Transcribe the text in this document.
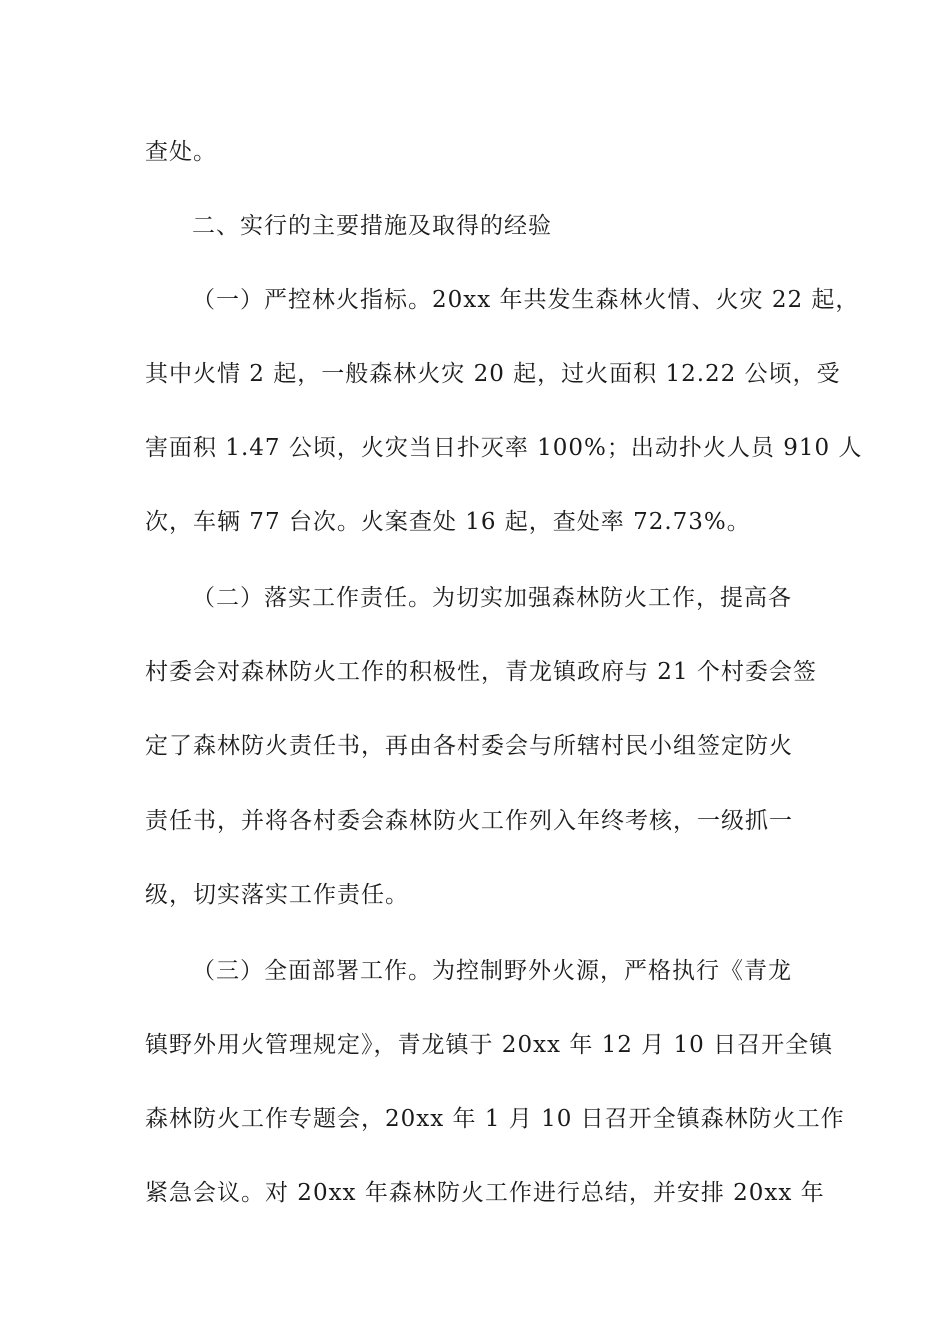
查处。
二、实行的主要措施及取得的经验
（一）严控林火指标。20xx 年共发生森林火情、火灾 22 起，
其中火情 2 起，一般森林火灾 20 起，过火面积 12.22 公顷，受
害面积 1.47 公顷，火灾当日扑灭率 100%；出动扑火人员 910 人
次，车辆 77 台次。火案查处 16 起，查处率 72.73%。
（二）落实工作责任。为切实加强森林防火工作，提高各
村委会对森林防火工作的积极性，青龙镇政府与 21 个村委会签
定了森林防火责任书，再由各村委会与所辖村民小组签定防火
责任书，并将各村委会森林防火工作列入年终考核，一级抓一
级，切实落实工作责任。
（三）全面部署工作。为控制野外火源，严格执行《青龙
镇野外用火管理规定》，青龙镇于 20xx 年 12 月 10 日召开全镇
森林防火工作专题会，20xx 年 1 月 10 日召开全镇森林防火工作
紧急会议。对 20xx 年森林防火工作进行总结，并安排 20xx 年
